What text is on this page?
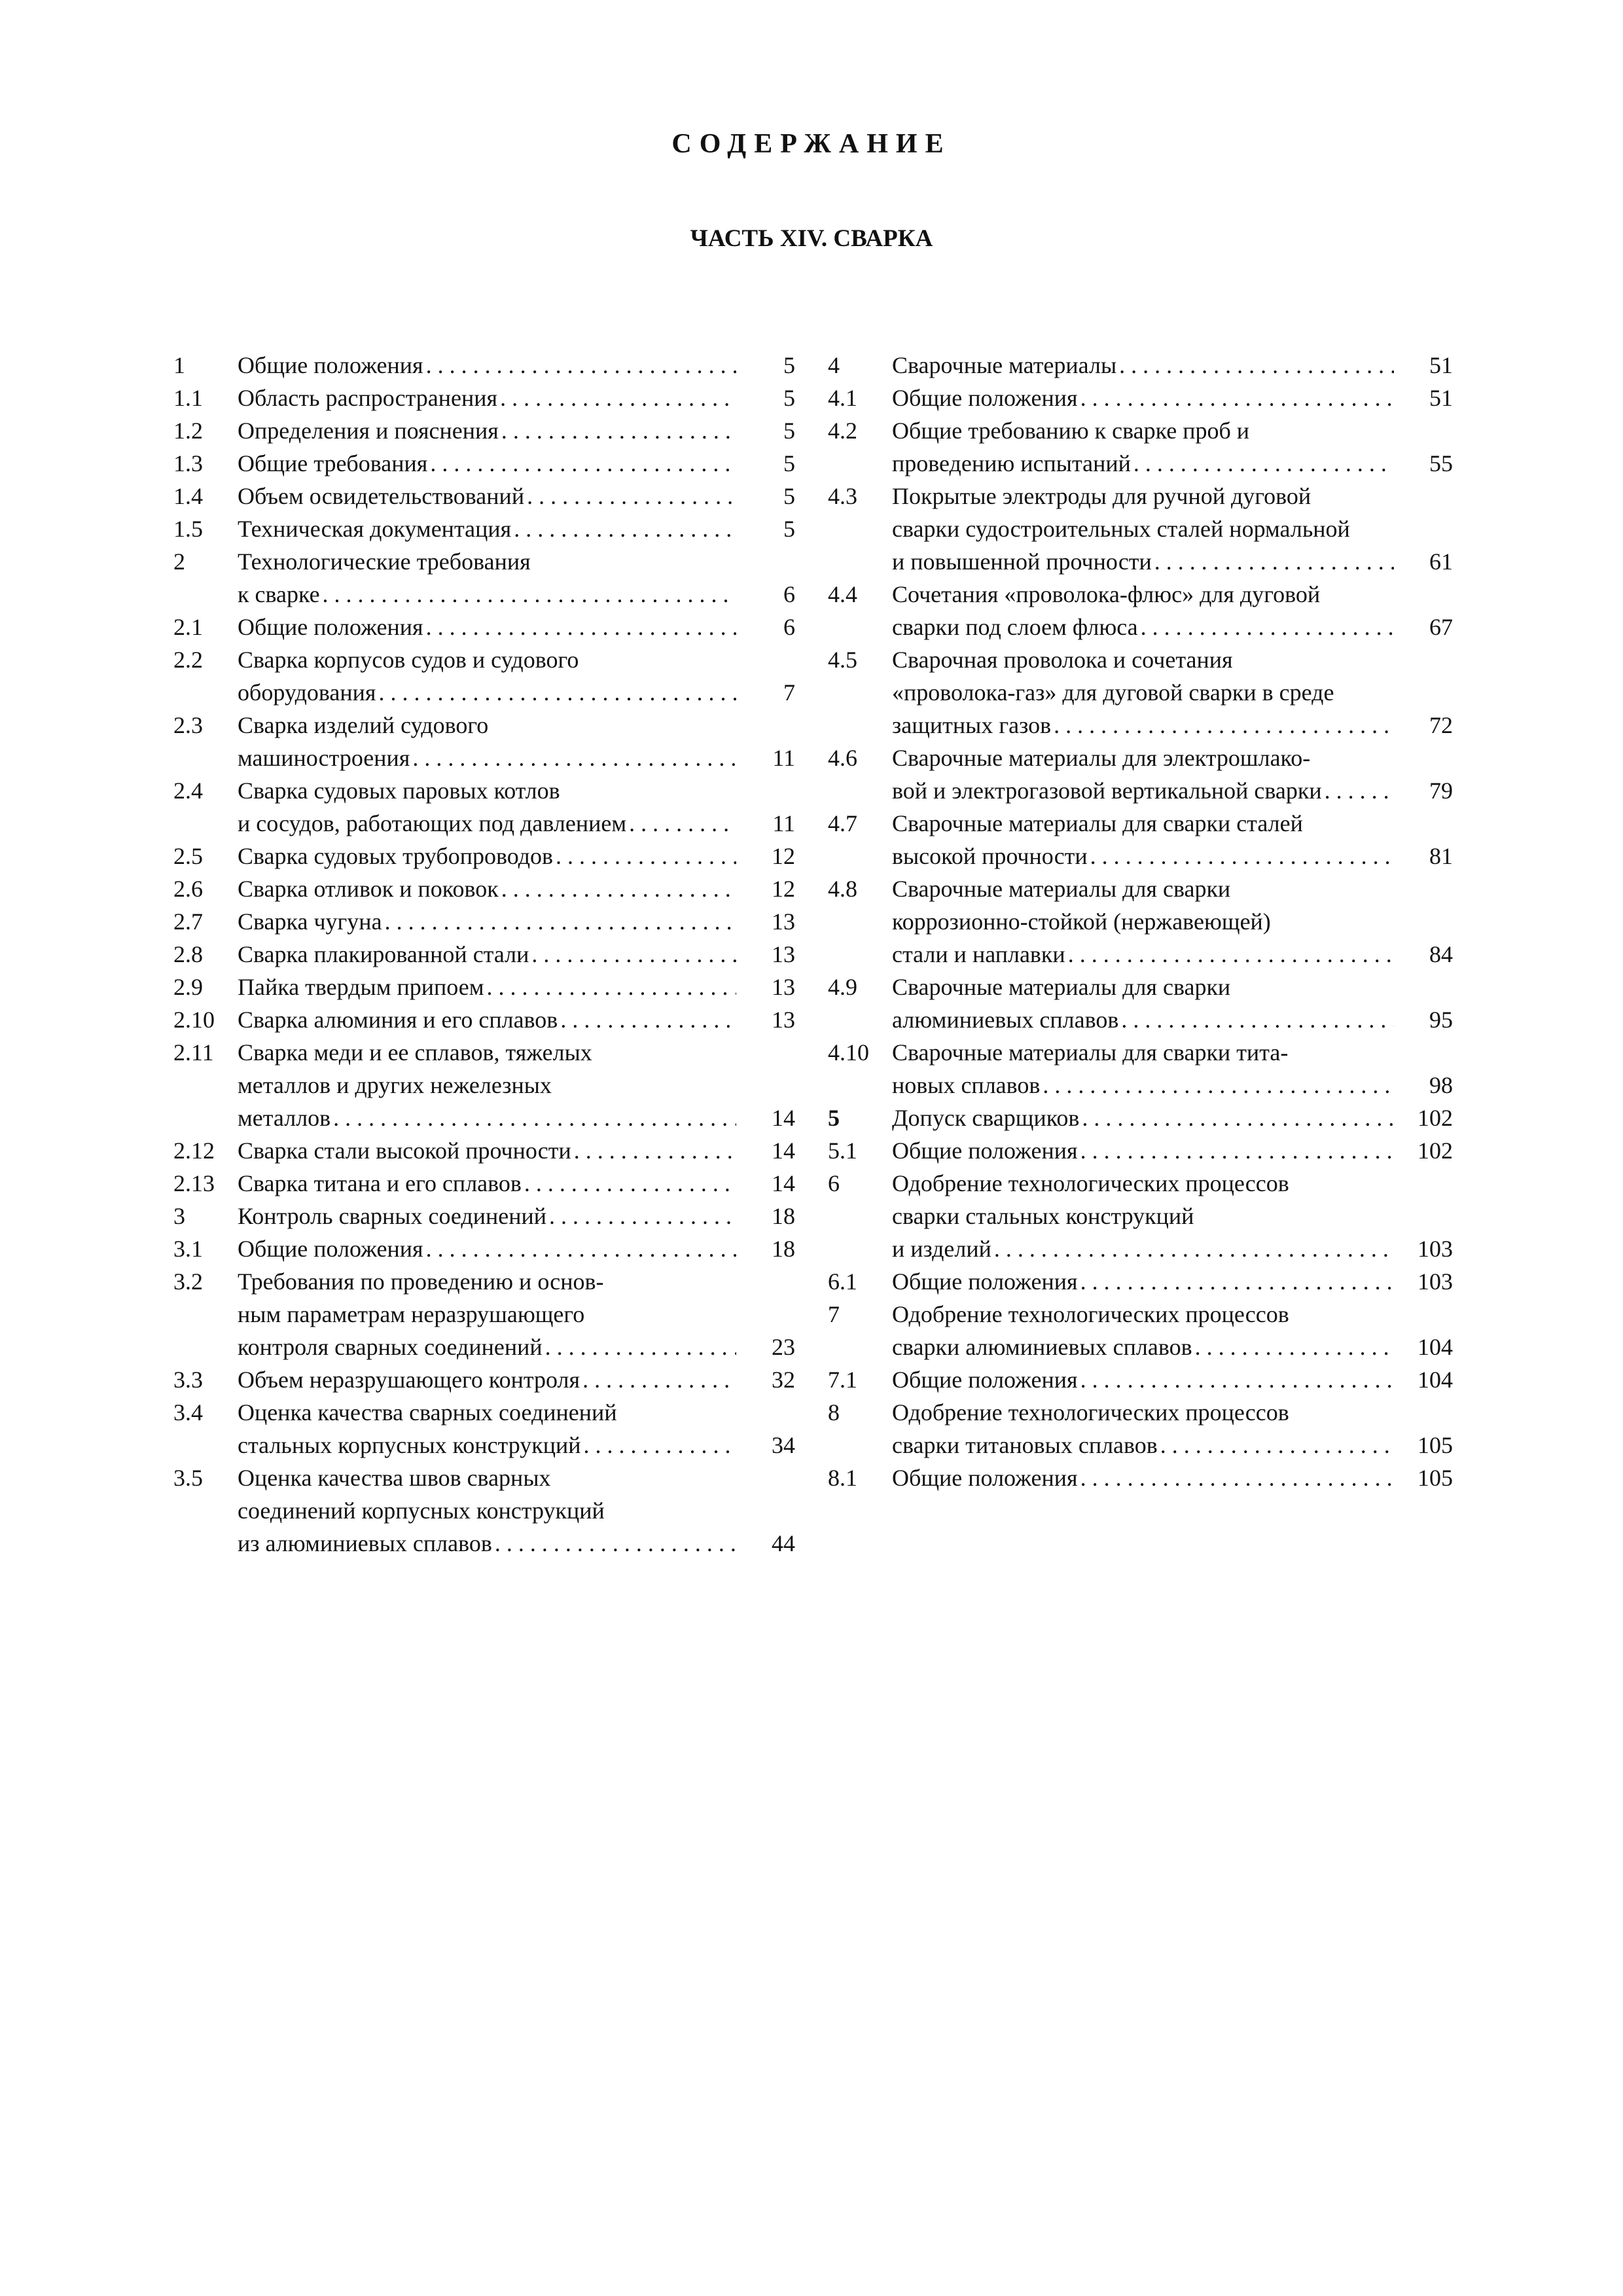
СОДЕРЖАНИЕ
ЧАСТЬ XIV. СВАРКА
1	Общие положения . . .	5
1.1	Область распространения . . .	5
1.2	Определения и пояснения . . .	5
1.3	Общие требования . . .	5
1.4	Объем освидетельствований . . .	5
1.5	Техническая документация . . .	5
2	Технологические требования
к сварке . . .	6
2.1	Общие положения . . .	6
2.2	Сварка корпусов судов и судового
оборудования . . .	7
2.3	Сварка изделий судового
машиностроения . . .	11
2.4	Сварка судовых паровых котлов
и сосудов, работающих под давлением . . .	11
2.5	Сварка судовых трубопроводов . . .	12
2.6	Сварка отливок и поковок . . .	12
2.7	Сварка чугуна . . .	13
2.8	Сварка плакированной стали . . .	13
2.9	Пайка твердым припоем . . .	13
2.10 Сварка алюминия и его сплавов . . .	13
2.11	Сварка меди и ее сплавов, тяжелых
металлов и других нежелезных
металлов . . .	14
2.12 Сварка стали высокой прочности . . .	14
2.13 Сварка титана и его сплавов . . .	14
3	Контроль сварных соединений . . .	18
3.1	Общие положения . . .	18
3.2	Требования по проведению и основ-
ным параметрам неразрушающего
контроля сварных соединений . . .	23
3.3	Объем неразрушающего контроля . . .	32
3.4	Оценка качества сварных соединений
стальных корпусных конструкций . . .	34
3.5	Оценка качества швов сварных
соединений корпусных конструкций
из алюминиевых сплавов . . .	44
4	Сварочные материалы . . .	51
4.1	Общие положения . . .	51
4.2	Общие требованию к сварке проб и
проведению испытаний . . .	55
4.3	Покрытые электроды для ручной дуговой
сварки судостроительных сталей нормальной
и повышенной прочности . . .	61
4.4	Сочетания «проволока-флюс» для дуговой
сварки под слоем флюса . . .	67
4.5	Сварочная проволока и сочетания
«проволока-газ» для дуговой сварки в среде
защитных газов . . .	72
4.6	Сварочные материалы для электрошлако-
вой и электрогазовой вертикальной сварки . . .	79
4.7	Сварочные материалы для сварки сталей
высокой прочности . . .	81
4.8	Сварочные материалы для сварки
коррозионно-стойкой (нержавеющей)
стали и наплавки . . .	84
4.9	Сварочные материалы для сварки
алюминиевых сплавов . . .	95
4.10 Сварочные материалы для сварки тита-
новых сплавов . . .	98
5	Допуск сварщиков . . .	102
5.1	Общие положения . . .	102
6	Одобрение технологических процессов
сварки стальных конструкций
и изделий . . .	103
6.1	Общие положения . . .	103
7	Одобрение технологических процессов
сварки алюминиевых сплавов . . .	104
7.1	Общие положения . . .	104
8	Одобрение технологических процессов
сварки титановых сплавов . . .	105
8.1	Общие положения . . .	105
